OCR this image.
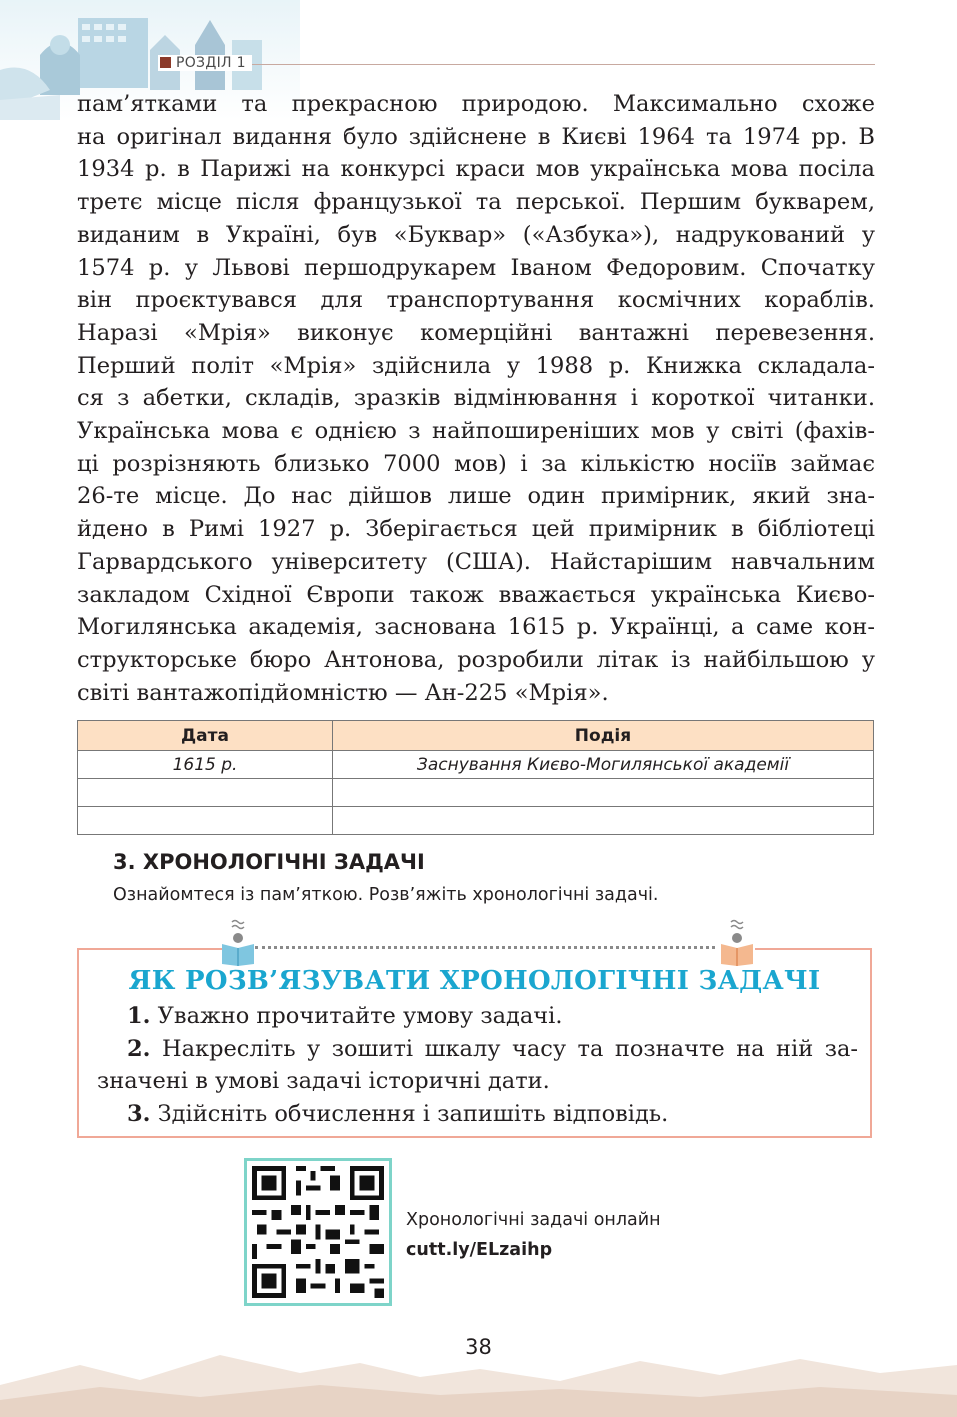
РОЗДІЛ 1

пам’ятками та прекрасною природою. Максимально схоже
на оригінал видання було здійснене в Києві 1964 та 1974 рр. В
1934 р. в Парижі на конкурсі краси мов українська мова посіла
третє місце після французької та перської. Першим букварем,
виданим в Україні, був «Буквар» («Азбука»), надрукований у
1574 р. у Львові першодрукарем Іваном Федоровим. Спочатку
він проєктувався для транспортування космічних кораблів.
Наразі «Мрія» виконує комерційні вантажні перевезення.
Перший політ «Мрія» здійснила у 1988 р. Книжка складала-
ся з абетки, складів, зразків відмінювання і короткої читанки.
Українська мова є однією з найпоширеніших мов у світі (фахів-
ці розрізняють близько 7000 мов) і за кількістю носіїв займає
26-те місце. До нас дійшов лише один примірник, який зна-
йдено в Римі 1927 р. Зберігається цей примірник в бібліотеці
Гарвардського університету (США). Найстарішим навчальним
закладом Східної Європи також вважається українська Києво-
Могилянська академія, заснована 1615 р. Українці, а саме кон-
структорське бюро Антонова, розробили літак із найбільшою у
світі вантажопідйомністю — Ан-225 «Мрія».

Дата	Подія
1615 р.	Заснування Києво-Могилянської академії

3. ХРОНОЛОГІЧНІ ЗАДАЧІ

Ознайомтеся із пам’яткою. Розв’яжіть хронологічні задачі.

ЯК РОЗВ’ЯЗУВАТИ ХРОНОЛОГІЧНІ ЗАДАЧІ
1. Уважно прочитайте умову задачі.
2. Накресліть у зошиті шкалу часу та позначте на ній за-значені в умові задачі історичні дати.
3. Здійсніть обчислення і запишіть відповідь.

Хронологічні задачі онлайн
cutt.ly/ELzaihp

38
